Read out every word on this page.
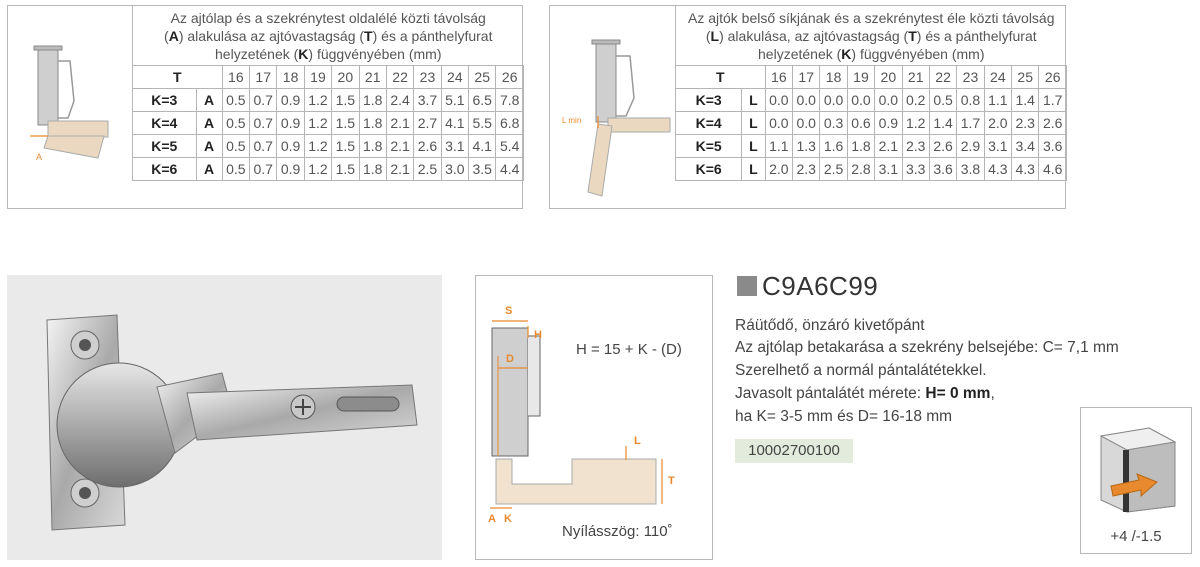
A
Az ajtólap és a szekrénytest oldalélé közti távolság
(A) alakulása az ajtóvastagság (T) és a pánthelyfurat
helyzetének (K) függvényében (mm)												
T		16	17	18	19	20	21	22	23	24	25	26
K=3	A	0.5	0.7	0.9	1.2	1.5	1.8	2.4	3.7	5.1	6.5	7.8
K=4	A	0.5	0.7	0.9	1.2	1.5	1.8	2.1	2.7	4.1	5.5	6.8
K=5	A	0.5	0.7	0.9	1.2	1.5	1.8	2.1	2.6	3.1	4.1	5.4
K=6	A	0.5	0.7	0.9	1.2	1.5	1.8	2.1	2.5	3.0	3.5	4.4
L min
Az ajtók belső síkjának és a szekrénytest éle közti távolság
(L) alakulása, az ajtóvastagság (T) és a pánthelyfurat
helyzetének (K) függvényében (mm)												
T		16	17	18	19	20	21	22	23	24	25	26
K=3	L	0.0	0.0	0.0	0.0	0.0	0.2	0.5	0.8	1.1	1.4	1.7
K=4	L	0.0	0.0	0.3	0.6	0.9	1.2	1.4	1.7	2.0	2.3	2.6
K=5	L	1.1	1.3	1.6	1.8	2.1	2.3	2.6	2.9	3.1	3.4	3.6
K=6	L	2.0	2.3	2.5	2.8	3.1	3.3	3.6	3.8	4.3	4.3	4.6
S
H
D
L
T
A K
H = 15 + K - (D)
Nyílásszög: 110˚
C9A6C99
Ráütődő, önzáró kivetőpánt
Az ajtólap betakarása a szekrény belsejébe: C= 7,1 mm
Szerelhető a normál pántalátétekkel.
Javasolt pántalátét mérete: H= 0 mm,
ha K= 3-5 mm és D= 16-18 mm
10002700100
+4 /-1.5
